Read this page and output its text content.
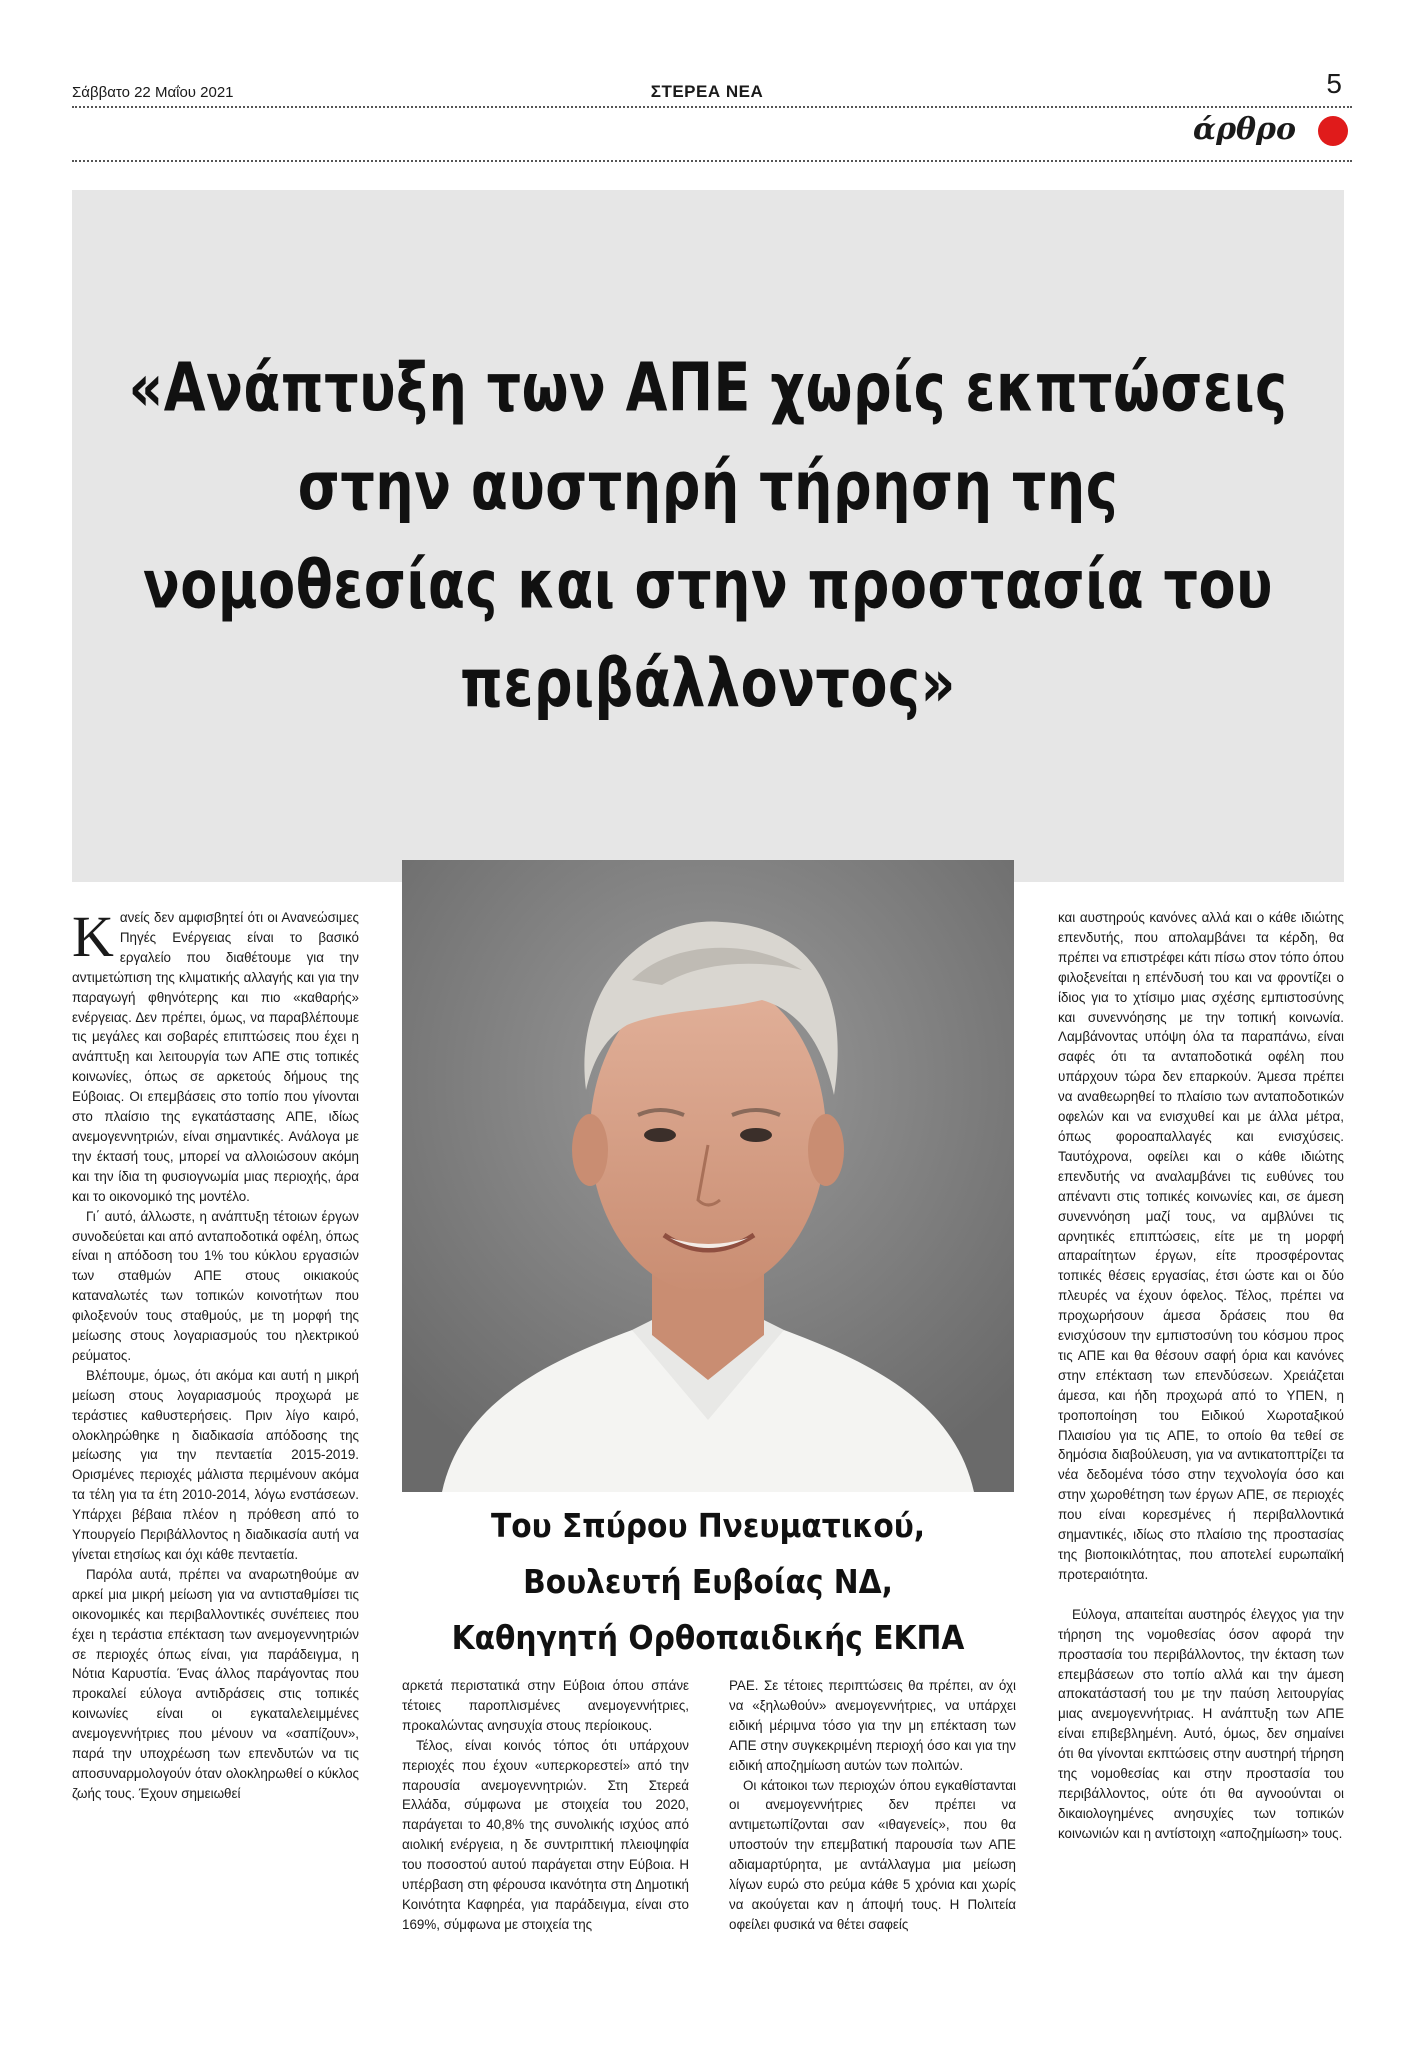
Σάββατο 22 Μαΐου 2021	ΣΤΕΡΕΑ ΝΕΑ	5
άρθρο
«Ανάπτυξη των ΑΠΕ χωρίς εκπτώσεις στην αυστηρή τήρηση της νομοθεσίας και στην προστασία του περιβάλλοντος»
Του Σπύρου Πνευματικού,
Βουλευτή Ευβοίας ΝΔ,
Καθηγητή Ορθοπαιδικής ΕΚΠΑ

Κανείς δεν αμφισβητεί ότι οι Ανανεώσιμες Πηγές Ενέργειας είναι το βασικό εργαλείο που διαθέτουμε για την αντιμετώπιση της κλιματικής αλλαγής και για την παραγωγή φθηνότερης και πιο «καθαρής» ενέργειας. Δεν πρέπει, όμως, να παραβλέπουμε τις μεγάλες και σοβαρές επιπτώσεις που έχει η ανάπτυξη και λειτουργία των ΑΠΕ στις τοπικές κοινωνίες, όπως σε αρκετούς δήμους της Εύβοιας. Οι επεμβάσεις στο τοπίο που γίνονται στο πλαίσιο της εγκατάστασης ΑΠΕ, ιδίως ανεμογεννητριών, είναι σημαντικές. Ανάλογα με την έκτασή τους, μπορεί να αλλοιώσουν ακόμη και την ίδια τη φυσιογνωμία μιας περιοχής, άρα και το οικονομικό της μοντέλο.

Γι΄ αυτό, άλλωστε, η ανάπτυξη τέτοιων έργων συνοδεύεται και από ανταποδοτικά οφέλη, όπως είναι η απόδοση του 1% του κύκλου εργασιών των σταθμών ΑΠΕ στους οικιακούς καταναλωτές των τοπικών κοινοτήτων που φιλοξενούν τους σταθμούς, με τη μορφή της μείωσης στους λογαριασμούς του ηλεκτρικού ρεύματος.

Βλέπουμε, όμως, ότι ακόμα και αυτή η μικρή μείωση στους λογαριασμούς προχωρά με τεράστιες καθυστερήσεις. Πριν λίγο καιρό, ολοκληρώθηκε η διαδικασία απόδοσης της μείωσης για την πενταετία 2015-2019. Ορισμένες περιοχές μάλιστα περιμένουν ακόμα τα τέλη για τα έτη 2010-2014, λόγω ενστάσεων. Υπάρχει βέβαια πλέον η πρόθεση από το Υπουργείο Περιβάλλοντος η διαδικασία αυτή να γίνεται ετησίως και όχι κάθε πενταετία.

Παρόλα αυτά, πρέπει να αναρωτηθούμε αν αρκεί μια μικρή μείωση για να αντισταθμίσει τις οικονομικές και περιβαλλοντικές συνέπειες που έχει η τεράστια επέκταση των ανεμογεννητριών σε περιοχές όπως είναι, για παράδειγμα, η Νότια Καρυστία. Ένας άλλος παράγοντας που προκαλεί εύλογα αντιδράσεις στις τοπικές κοινωνίες είναι οι εγκαταλελειμμένες ανεμογεννήτριες που μένουν να «σαπίζουν», παρά την υποχρέωση των επενδυτών να τις αποσυναρμολογούν όταν ολοκληρωθεί ο κύκλος ζωής τους. Έχουν σημειωθεί

αρκετά περιστατικά στην Εύβοια όπου σπάνε τέτοιες παροπλισμένες ανεμογεννήτριες, προκαλώντας ανησυχία στους περίοικους.

Τέλος, είναι κοινός τόπος ότι υπάρχουν περιοχές που έχουν «υπερκορεστεί» από την παρουσία ανεμογεννητριών. Στη Στερεά Ελλάδα, σύμφωνα με στοιχεία του 2020, παράγεται το 40,8% της συνολικής ισχύος από αιολική ενέργεια, η δε συντριπτική πλειοψηφία του ποσοστού αυτού παράγεται στην Εύβοια. Η υπέρβαση στη φέρουσα ικανότητα στη Δημοτική Κοινότητα Καφηρέα, για παράδειγμα, είναι στο 169%, σύμφωνα με στοιχεία της

ΡΑΕ. Σε τέτοιες περιπτώσεις θα πρέπει, αν όχι να «ξηλωθούν» ανεμογεννήτριες, να υπάρχει ειδική μέριμνα τόσο για την μη επέκταση των ΑΠΕ στην συγκεκριμένη περιοχή όσο και για την ειδική αποζημίωση αυτών των πολιτών.

Οι κάτοικοι των περιοχών όπου εγκαθίστανται οι ανεμογεννήτριες δεν πρέπει να αντιμετωπίζονται σαν «ιθαγενείς», που θα υποστούν την επεμβατική παρουσία των ΑΠΕ αδιαμαρτύρητα, με αντάλλαγμα μια μείωση λίγων ευρώ στο ρεύμα κάθε 5 χρόνια και χωρίς να ακούγεται καν η άποψή τους. Η Πολιτεία οφείλει φυσικά να θέτει σαφείς

και αυστηρούς κανόνες αλλά και ο κάθε ιδιώτης επενδυτής, που απολαμβάνει τα κέρδη, θα πρέπει να επιστρέφει κάτι πίσω στον τόπο όπου φιλοξενείται η επένδυσή του και να φροντίζει ο ίδιος για το χτίσιμο μιας σχέσης εμπιστοσύνης και συνεννόησης με την τοπική κοινωνία. Λαμβάνοντας υπόψη όλα τα παραπάνω, είναι σαφές ότι τα ανταποδοτικά οφέλη που υπάρχουν τώρα δεν επαρκούν. Άμεσα πρέπει να αναθεωρηθεί το πλαίσιο των ανταποδοτικών οφελών και να ενισχυθεί και με άλλα μέτρα, όπως φοροαπαλλαγές και ενισχύσεις. Ταυτόχρονα, οφείλει και ο κάθε ιδιώτης επενδυτής να αναλαμβάνει τις ευθύνες του απέναντι στις τοπικές κοινωνίες και, σε άμεση συνεννόηση μαζί τους, να αμβλύνει τις αρνητικές επιπτώσεις, είτε με τη μορφή απαραίτητων έργων, είτε προσφέροντας τοπικές θέσεις εργασίας, έτσι ώστε και οι δύο πλευρές να έχουν όφελος. Τέλος, πρέπει να προχωρήσουν άμεσα δράσεις που θα ενισχύσουν την εμπιστοσύνη του κόσμου προς τις ΑΠΕ και θα θέσουν σαφή όρια και κανόνες στην επέκταση των επενδύσεων. Χρειάζεται άμεσα, και ήδη προχωρά από το ΥΠΕΝ, η τροποποίηση του Ειδικού Χωροταξικού Πλαισίου για τις ΑΠΕ, το οποίο θα τεθεί σε δημόσια διαβούλευση, για να αντικατοπτρίζει τα νέα δεδομένα τόσο στην τεχνολογία όσο και στην χωροθέτηση των έργων ΑΠΕ, σε περιοχές που είναι κορεσμένες ή περιβαλλοντικά σημαντικές, ιδίως στο πλαίσιο της προστασίας της βιοποικιλότητας, που αποτελεί ευρωπαϊκή προτεραιότητα.

Εύλογα, απαιτείται αυστηρός έλεγχος για την τήρηση της νομοθεσίας όσον αφορά την προστασία του περιβάλλοντος, την έκταση των επεμβάσεων στο τοπίο αλλά και την άμεση αποκατάστασή του με την παύση λειτουργίας μιας ανεμογεννήτριας. Η ανάπτυξη των ΑΠΕ είναι επιβεβλημένη. Αυτό, όμως, δεν σημαίνει ότι θα γίνονται εκπτώσεις στην αυστηρή τήρηση της νομοθεσίας και στην προστασία του περιβάλλοντος, ούτε ότι θα αγνοούνται οι δικαιολογημένες ανησυχίες των τοπικών κοινωνιών και η αντίστοιχη «αποζημίωση» τους.
